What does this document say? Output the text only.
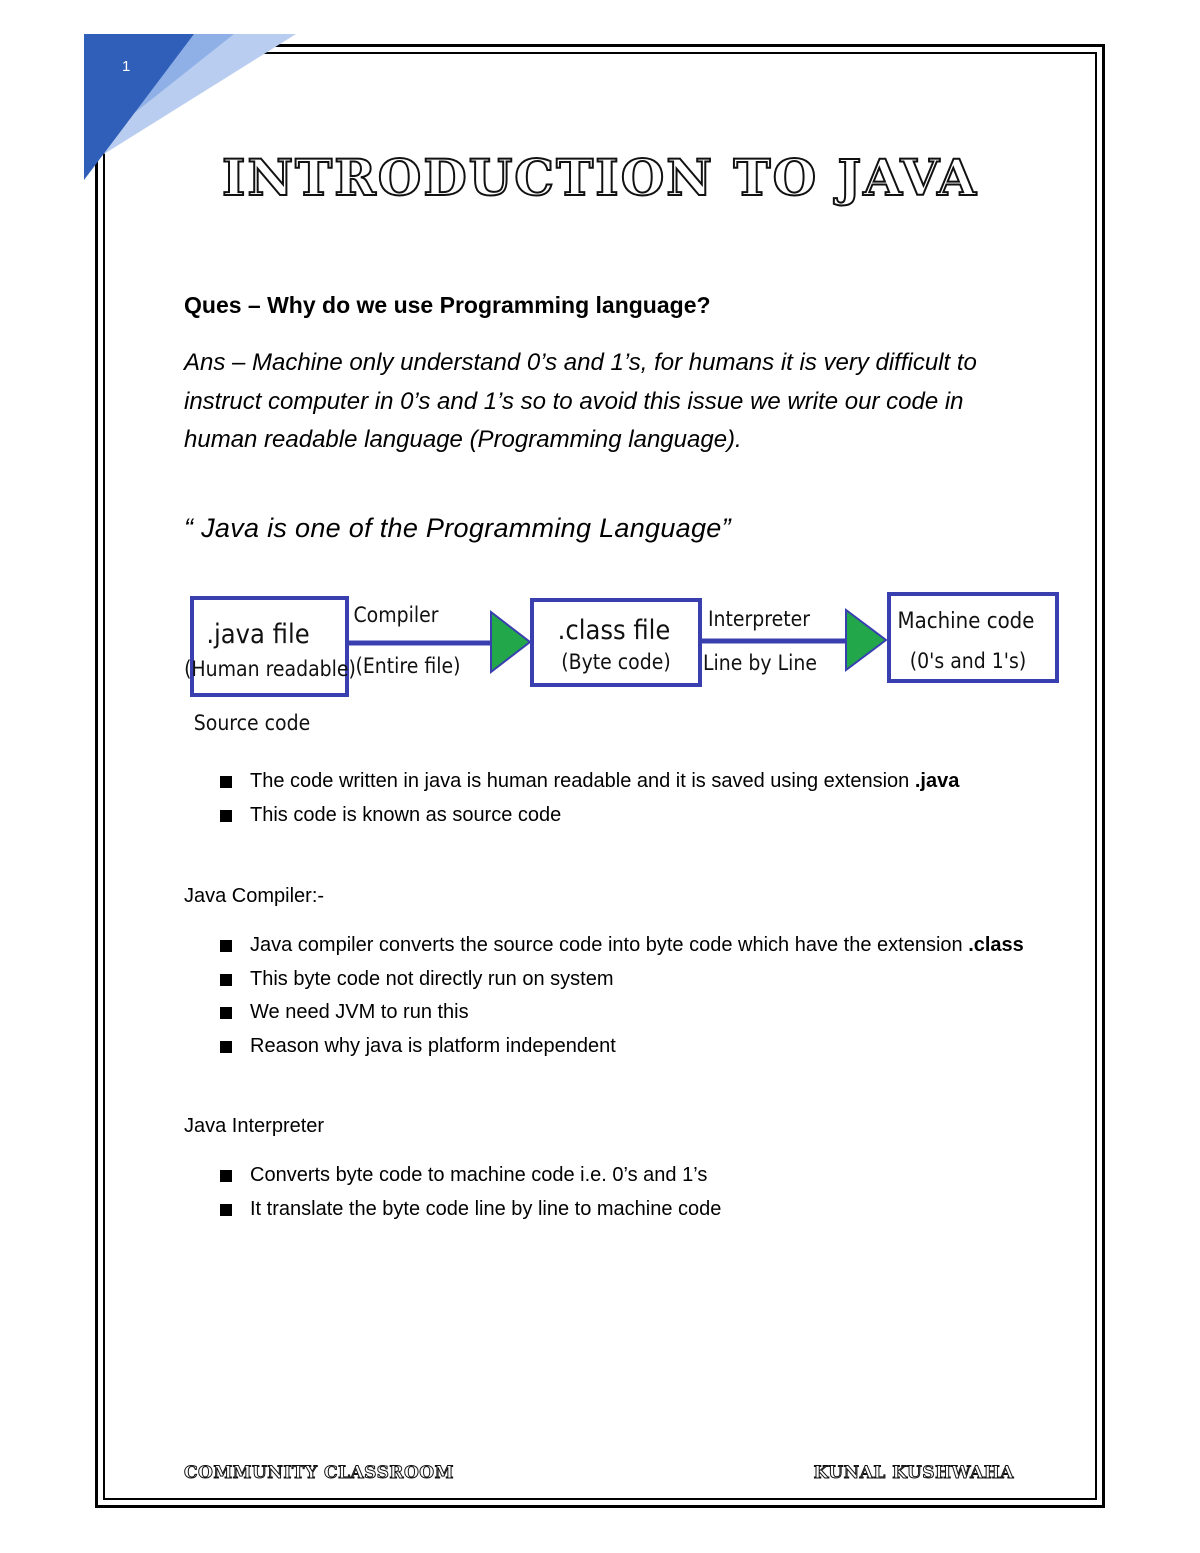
1
INTRODUCTION TO JAVA
Ques – Why do we use Programming language?
Ans – Machine only understand 0’s and 1’s, for humans it is very difficult to instruct computer in 0’s and 1’s so to avoid this issue we write our code in human readable language (Programming language).
“ Java is one of the Programming Language”
.java file
(Human readable)
Source code
Compiler
(Entire file)
.class file
(Byte code)
Interpreter
Line by Line
Machine code
(0's and 1's)
The code written in java is human readable and it is saved using extension .java
This code is known as source code
Java Compiler:-
Java compiler converts the source code into byte code which have the extension .class
This byte code not directly run on system
We need JVM to run this
Reason why java is platform independent
Java Interpreter
Converts byte code to machine code i.e. 0’s and 1’s
It translate the byte code line by line to machine code
COMMUNITY CLASSROOM	KUNAL KUSHWAHA
